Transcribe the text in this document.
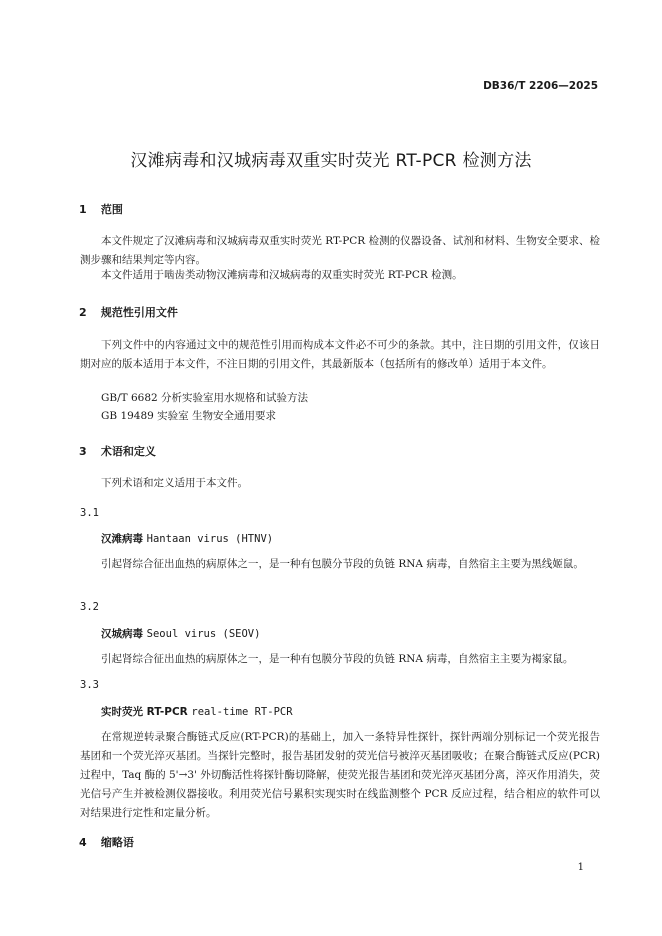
DB36/T 2206—2025
汉滩病毒和汉城病毒双重实时荧光 RT-PCR 检测方法
1 范围
本文件规定了汉滩病毒和汉城病毒双重实时荧光 RT-PCR 检测的仪器设备、试剂和材料、生物安全要求、检测步骤和结果判定等内容。
本文件适用于啮齿类动物汉滩病毒和汉城病毒的双重实时荧光 RT-PCR 检测。
2 规范性引用文件
下列文件中的内容通过文中的规范性引用而构成本文件必不可少的条款。其中，注日期的引用文件，仅该日期对应的版本适用于本文件，不注日期的引用文件，其最新版本（包括所有的修改单）适用于本文件。
GB/T 6682 分析实验室用水规格和试验方法
GB 19489 实验室 生物安全通用要求
3 术语和定义
下列术语和定义适用于本文件。
3.1
汉滩病毒 Hantaan virus (HTNV)
引起肾综合征出血热的病原体之一，是一种有包膜分节段的负链 RNA 病毒，自然宿主主要为黑线姬鼠。
3.2
汉城病毒 Seoul virus (SEOV)
引起肾综合征出血热的病原体之一，是一种有包膜分节段的负链 RNA 病毒，自然宿主主要为褐家鼠。
3.3
实时荧光 RT-PCR real-time RT-PCR
在常规逆转录聚合酶链式反应(RT-PCR)的基础上，加入一条特异性探针，探针两端分别标记一个荧光报告基团和一个荧光淬灭基团。当探针完整时，报告基团发射的荧光信号被淬灭基团吸收；在聚合酶链式反应(PCR)过程中，Taq 酶的 5'→3' 外切酶活性将探针酶切降解，使荧光报告基团和荧光淬灭基团分离，淬灭作用消失，荧光信号产生并被检测仪器接收。利用荧光信号累积实现实时在线监测整个 PCR 反应过程，结合相应的软件可以对结果进行定性和定量分析。
4 缩略语
1
